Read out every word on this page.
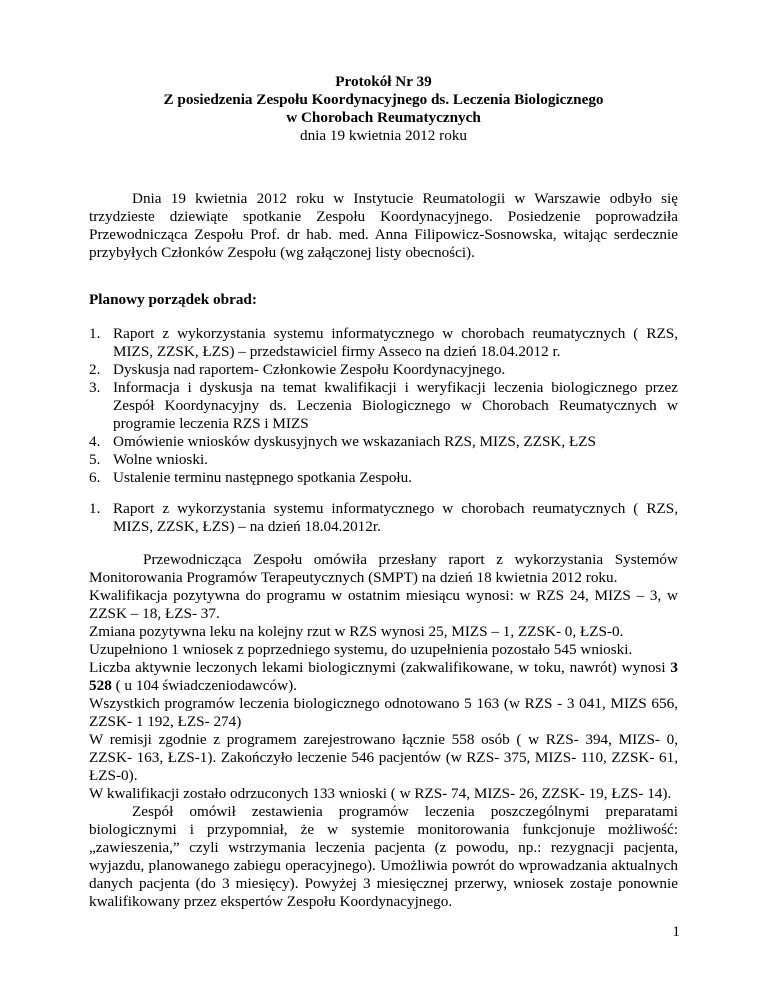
Protokół Nr 39
Z posiedzenia Zespołu Koordynacyjnego ds. Leczenia Biologicznego
w Chorobach Reumatycznych
dnia 19 kwietnia 2012 roku
Dnia 19 kwietnia 2012 roku w Instytucie Reumatologii w Warszawie odbyło się trzydzieste dziewiąte spotkanie Zespołu Koordynacyjnego. Posiedzenie poprowadziła Przewodnicząca Zespołu Prof. dr hab. med. Anna Filipowicz-Sosnowska, witając serdecznie przybyłych Członków Zespołu (wg załączonej listy obecności).
Planowy porządek obrad:
1. Raport z wykorzystania systemu informatycznego w chorobach reumatycznych ( RZS, MIZS, ZZSK, ŁZS) – przedstawiciel firmy Asseco na dzień 18.04.2012 r.
2. Dyskusja nad raportem- Członkowie Zespołu Koordynacyjnego.
3. Informacja i dyskusja na temat kwalifikacji i weryfikacji leczenia biologicznego przez Zespół Koordynacyjny ds. Leczenia Biologicznego w Chorobach Reumatycznych w programie leczenia RZS i MIZS
4. Omówienie wniosków dyskusyjnych we wskazaniach RZS, MIZS, ZZSK, ŁZS
5. Wolne wnioski.
6. Ustalenie terminu następnego spotkania Zespołu.
1. Raport z wykorzystania systemu informatycznego w chorobach reumatycznych ( RZS, MIZS, ZZSK, ŁZS) – na dzień 18.04.2012r.

Przewodnicząca Zespołu omówiła przesłany raport z wykorzystania Systemów Monitorowania Programów Terapeutycznych (SMPT) na dzień 18 kwietnia 2012 roku.

Kwalifikacja pozytywna do programu w ostatnim miesiącu wynosi: w RZS 24, MIZS – 3, w ZZSK – 18, ŁZS- 37.

Zmiana pozytywna leku na kolejny rzut w RZS wynosi 25, MIZS – 1, ZZSK- 0, ŁZS-0.

Uzupełniono 1 wniosek z poprzedniego systemu, do uzupełnienia pozostało 545 wnioski.

Liczba aktywnie leczonych lekami biologicznymi (zakwalifikowane, w toku, nawrót) wynosi 3 528 ( u 104 świadczeniodawców).

Wszystkich programów leczenia biologicznego odnotowano 5 163 (w RZS - 3 041, MIZS 656, ZZSK- 1 192, ŁZS- 274)

W remisji zgodnie z programem zarejestrowano łącznie 558 osób ( w RZS- 394, MIZS- 0, ZZSK- 163, ŁZS-1). Zakończyło leczenie 546 pacjentów (w RZS- 375, MIZS- 110, ZZSK- 61, ŁZS-0).

W kwalifikacji zostało odrzuconych 133 wnioski ( w RZS- 74, MIZS- 26, ZZSK- 19, ŁZS- 14).

Zespół omówił zestawienia programów leczenia poszczególnymi preparatami biologicznymi i przypomniał, że w systemie monitorowania funkcjonuje możliwość: „zawieszenia,” czyli wstrzymania leczenia pacjenta (z powodu, np.: rezygnacji pacjenta, wyjazdu, planowanego zabiegu operacyjnego). Umożliwia powrót do wprowadzania aktualnych danych pacjenta (do 3 miesięcy). Powyżej 3 miesięcznej przerwy, wniosek zostaje ponownie kwalifikowany przez ekspertów Zespołu Koordynacyjnego.

1
